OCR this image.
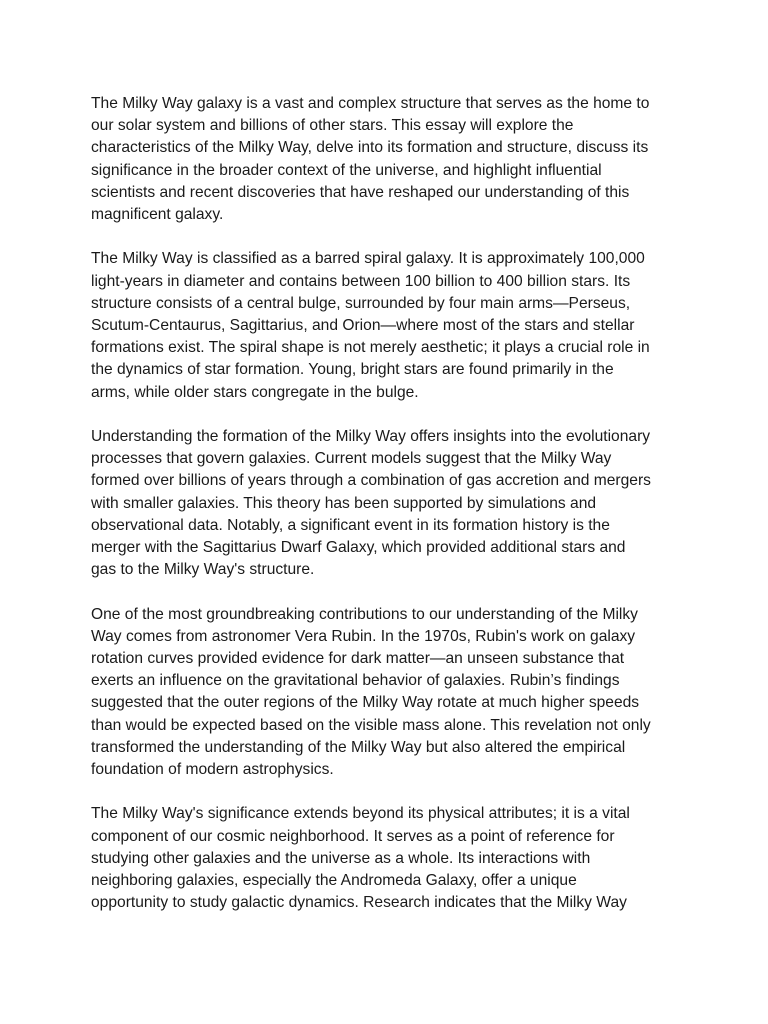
The Milky Way galaxy is a vast and complex structure that serves as the home to
our solar system and billions of other stars. This essay will explore the
characteristics of the Milky Way, delve into its formation and structure, discuss its
significance in the broader context of the universe, and highlight influential
scientists and recent discoveries that have reshaped our understanding of this
magnificent galaxy.

The Milky Way is classified as a barred spiral galaxy. It is approximately 100,000
light-years in diameter and contains between 100 billion to 400 billion stars. Its
structure consists of a central bulge, surrounded by four main arms—Perseus,
Scutum-Centaurus, Sagittarius, and Orion—where most of the stars and stellar
formations exist. The spiral shape is not merely aesthetic; it plays a crucial role in
the dynamics of star formation. Young, bright stars are found primarily in the
arms, while older stars congregate in the bulge.

Understanding the formation of the Milky Way offers insights into the evolutionary
processes that govern galaxies. Current models suggest that the Milky Way
formed over billions of years through a combination of gas accretion and mergers
with smaller galaxies. This theory has been supported by simulations and
observational data. Notably, a significant event in its formation history is the
merger with the Sagittarius Dwarf Galaxy, which provided additional stars and
gas to the Milky Way's structure.

One of the most groundbreaking contributions to our understanding of the Milky
Way comes from astronomer Vera Rubin. In the 1970s, Rubin's work on galaxy
rotation curves provided evidence for dark matter—an unseen substance that
exerts an influence on the gravitational behavior of galaxies. Rubin’s findings
suggested that the outer regions of the Milky Way rotate at much higher speeds
than would be expected based on the visible mass alone. This revelation not only
transformed the understanding of the Milky Way but also altered the empirical
foundation of modern astrophysics.

The Milky Way's significance extends beyond its physical attributes; it is a vital
component of our cosmic neighborhood. It serves as a point of reference for
studying other galaxies and the universe as a whole. Its interactions with
neighboring galaxies, especially the Andromeda Galaxy, offer a unique
opportunity to study galactic dynamics. Research indicates that the Milky Way
